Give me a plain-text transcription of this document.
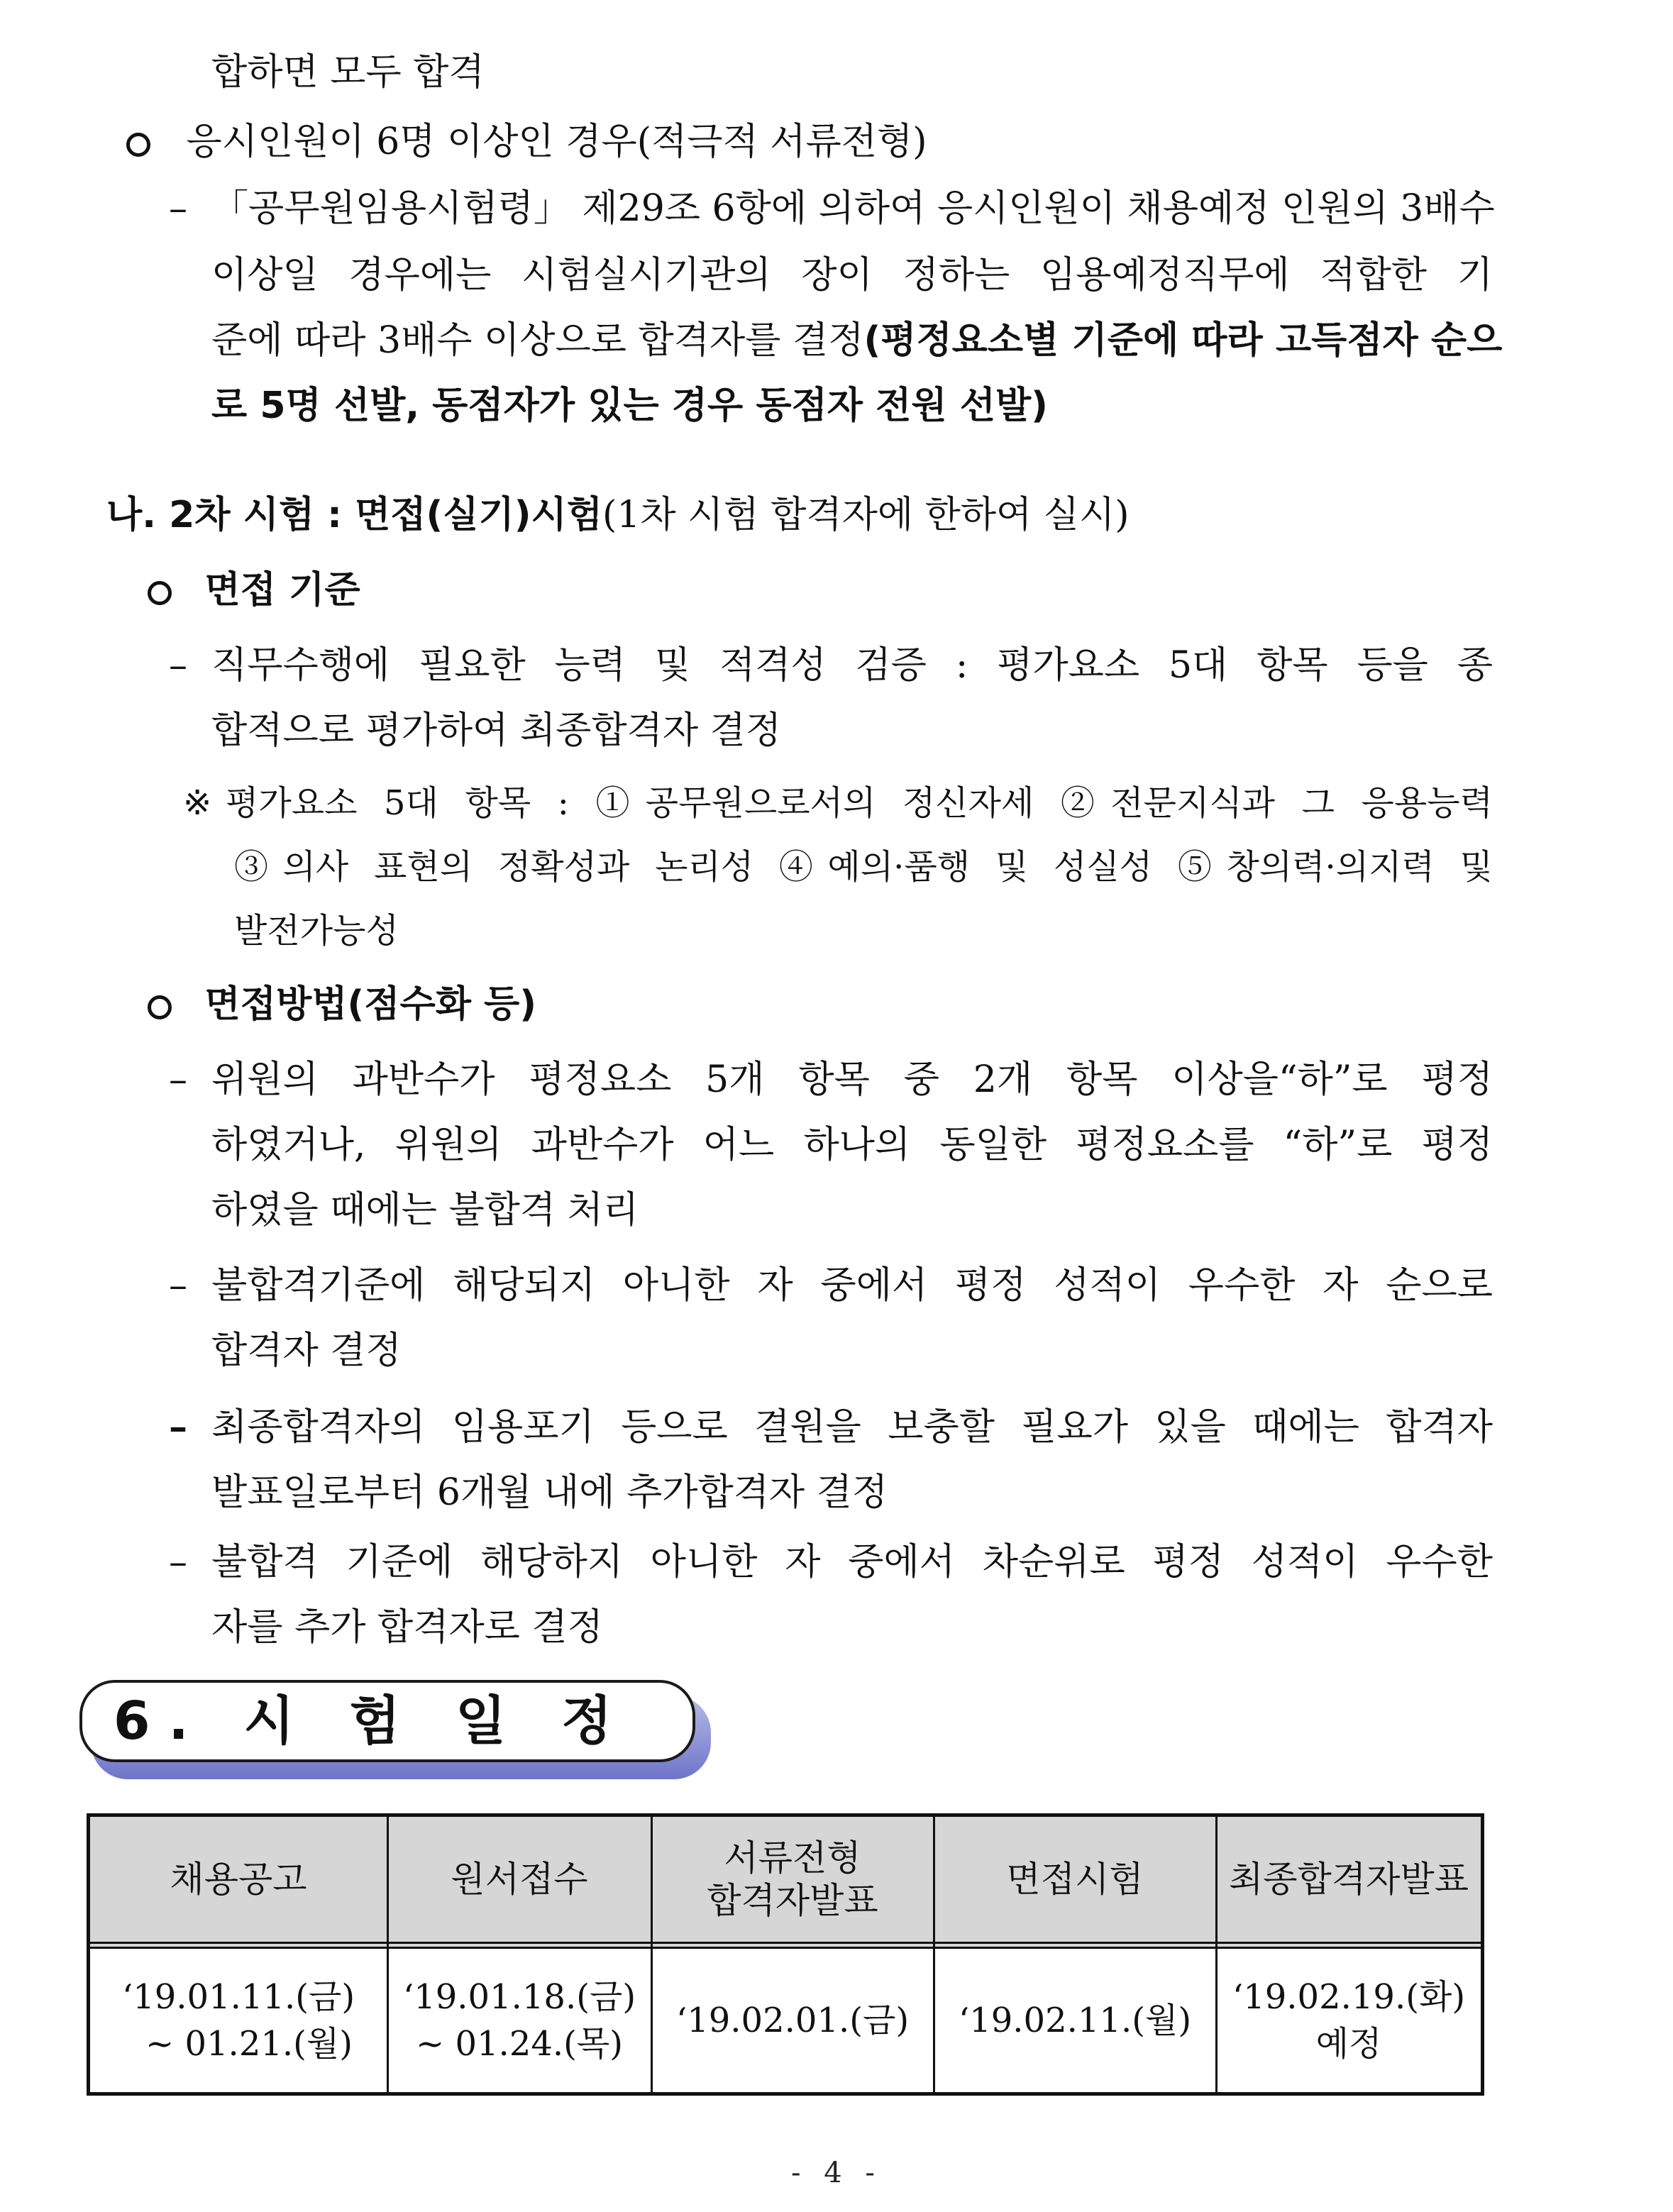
합하면 모두 합격
응시인원이 6명 이상인 경우(적극적 서류전형)
– 「공무원임용시험령」 제29조 6항에 의하여 응시인원이 채용예정 인원의 3배수
이상일 경우에는 시험실시기관의 장이 정하는 임용예정직무에 적합한 기
준에 따라 3배수 이상으로 합격자를 결정(평정요소별 기준에 따라 고득점자 순으
로 5명 선발, 동점자가 있는 경우 동점자 전원 선발)
나. 2차 시험 : 면접(실기)시험(1차 시험 합격자에 한하여 실시)
면접 기준
– 직무수행에 필요한 능력 및 적격성 검증 : 평가요소 5대 항목 등을 종
합적으로 평가하여 최종합격자 결정
※ 평가요소 5대 항목 : ①공무원으로서의 정신자세 ②전문지식과 그 응용능력
③의사 표현의 정확성과 논리성 ④예의·품행 및 성실성 ⑤창의력·의지력 및
발전가능성
면접방법(점수화 등)
– 위원의 과반수가 평정요소 5개 항목 중 2개 항목 이상을“하”로 평정
하였거나, 위원의 과반수가 어느 하나의 동일한 평정요소를 “하”로 평정
하였을 때에는 불합격 처리
– 불합격기준에 해당되지 아니한 자 중에서 평정 성적이 우수한 자 순으로
합격자 결정
– 최종합격자의 임용포기 등으로 결원을 보충할 필요가 있을 때에는 합격자
발표일로부터 6개월 내에 추가합격자 결정
– 불합격 기준에 해당하지 아니한 자 중에서 차순위로 평정 성적이 우수한
자를 추가 합격자로 결정
6. 시 험 일 정
채용공고	원서접수
서류전형
합격자발표
면접시험 최종합격자발표
‘19.01.11.(금)
~ 01.21.(월)
‘19.01.18.(금)
~ 01.24.(목)
‘19.02.01.(금) ‘19.02.11.(월)
‘19.02.19.(화)
예정
- 4 -
